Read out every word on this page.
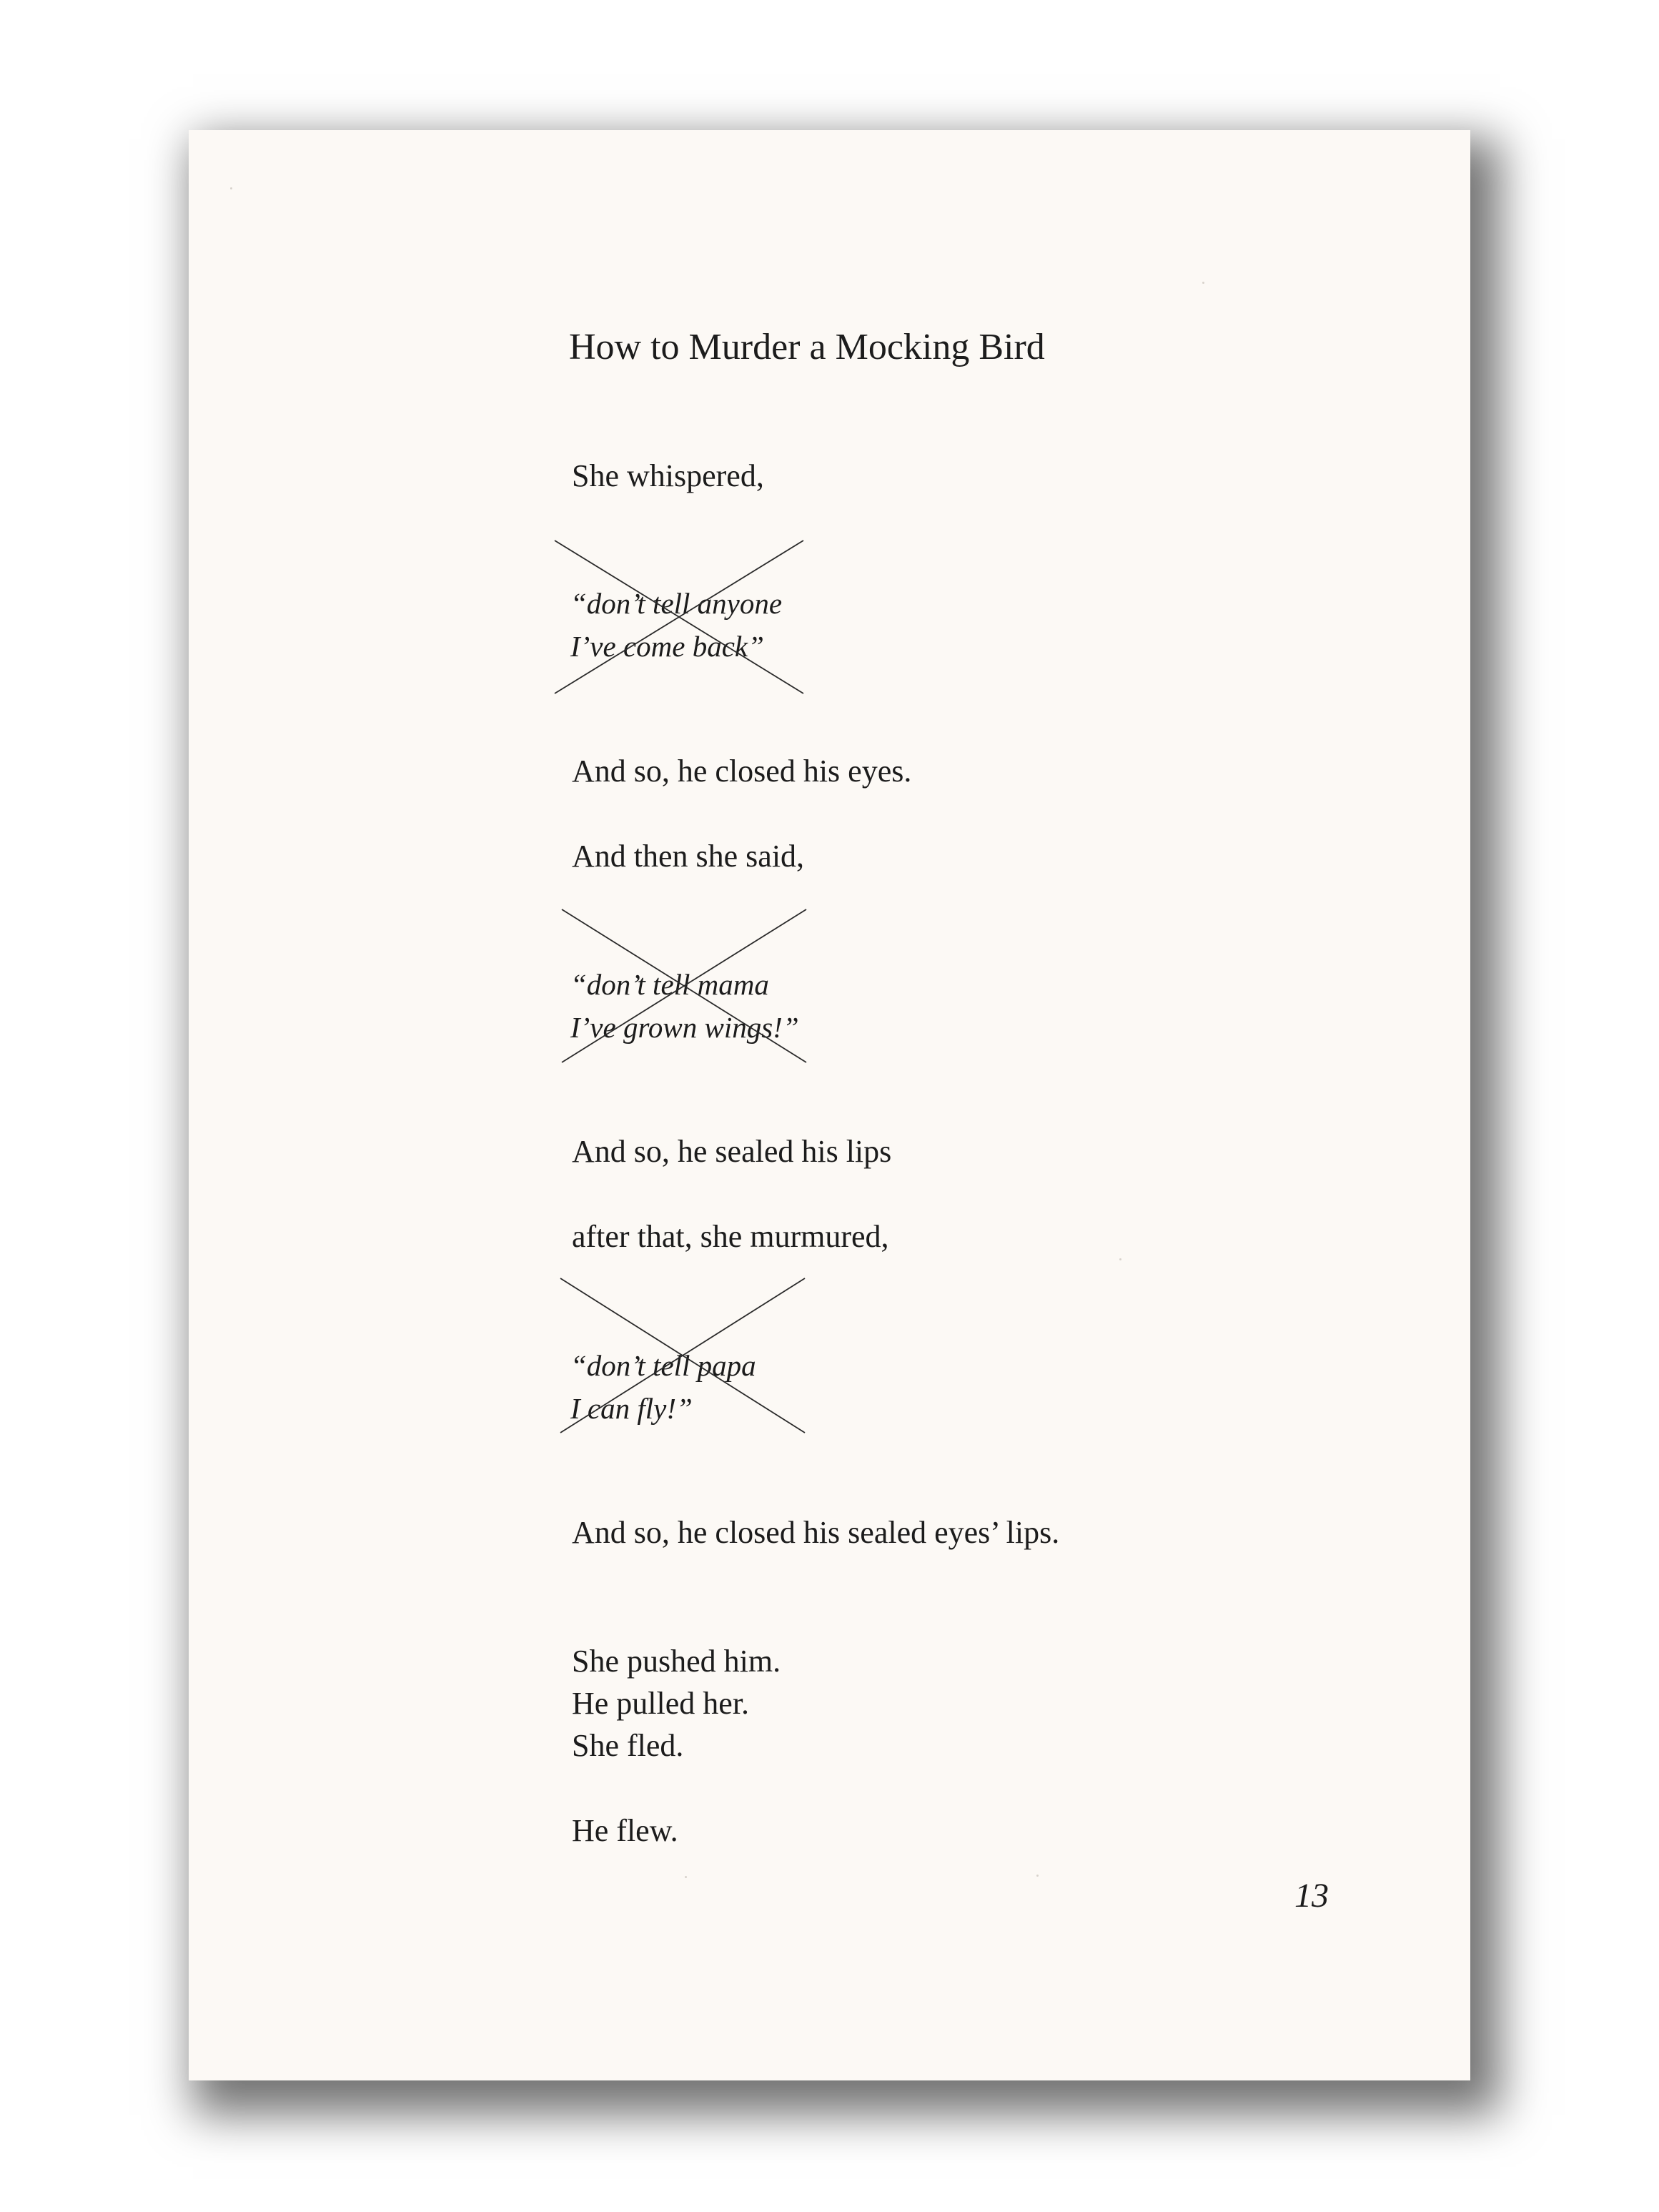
How to Murder a Mocking Bird
She whispered,
“don’t tell anyone
I’ve come back”
And so, he closed his eyes.
And then she said,
“don’t tell mama
I’ve grown wings!”
And so, he sealed his lips
after that, she murmured,
“don’t tell papa
I can fly!”
And so, he closed his sealed eyes’ lips.
She pushed him.
He pulled her.
She fled.
He flew.
13
